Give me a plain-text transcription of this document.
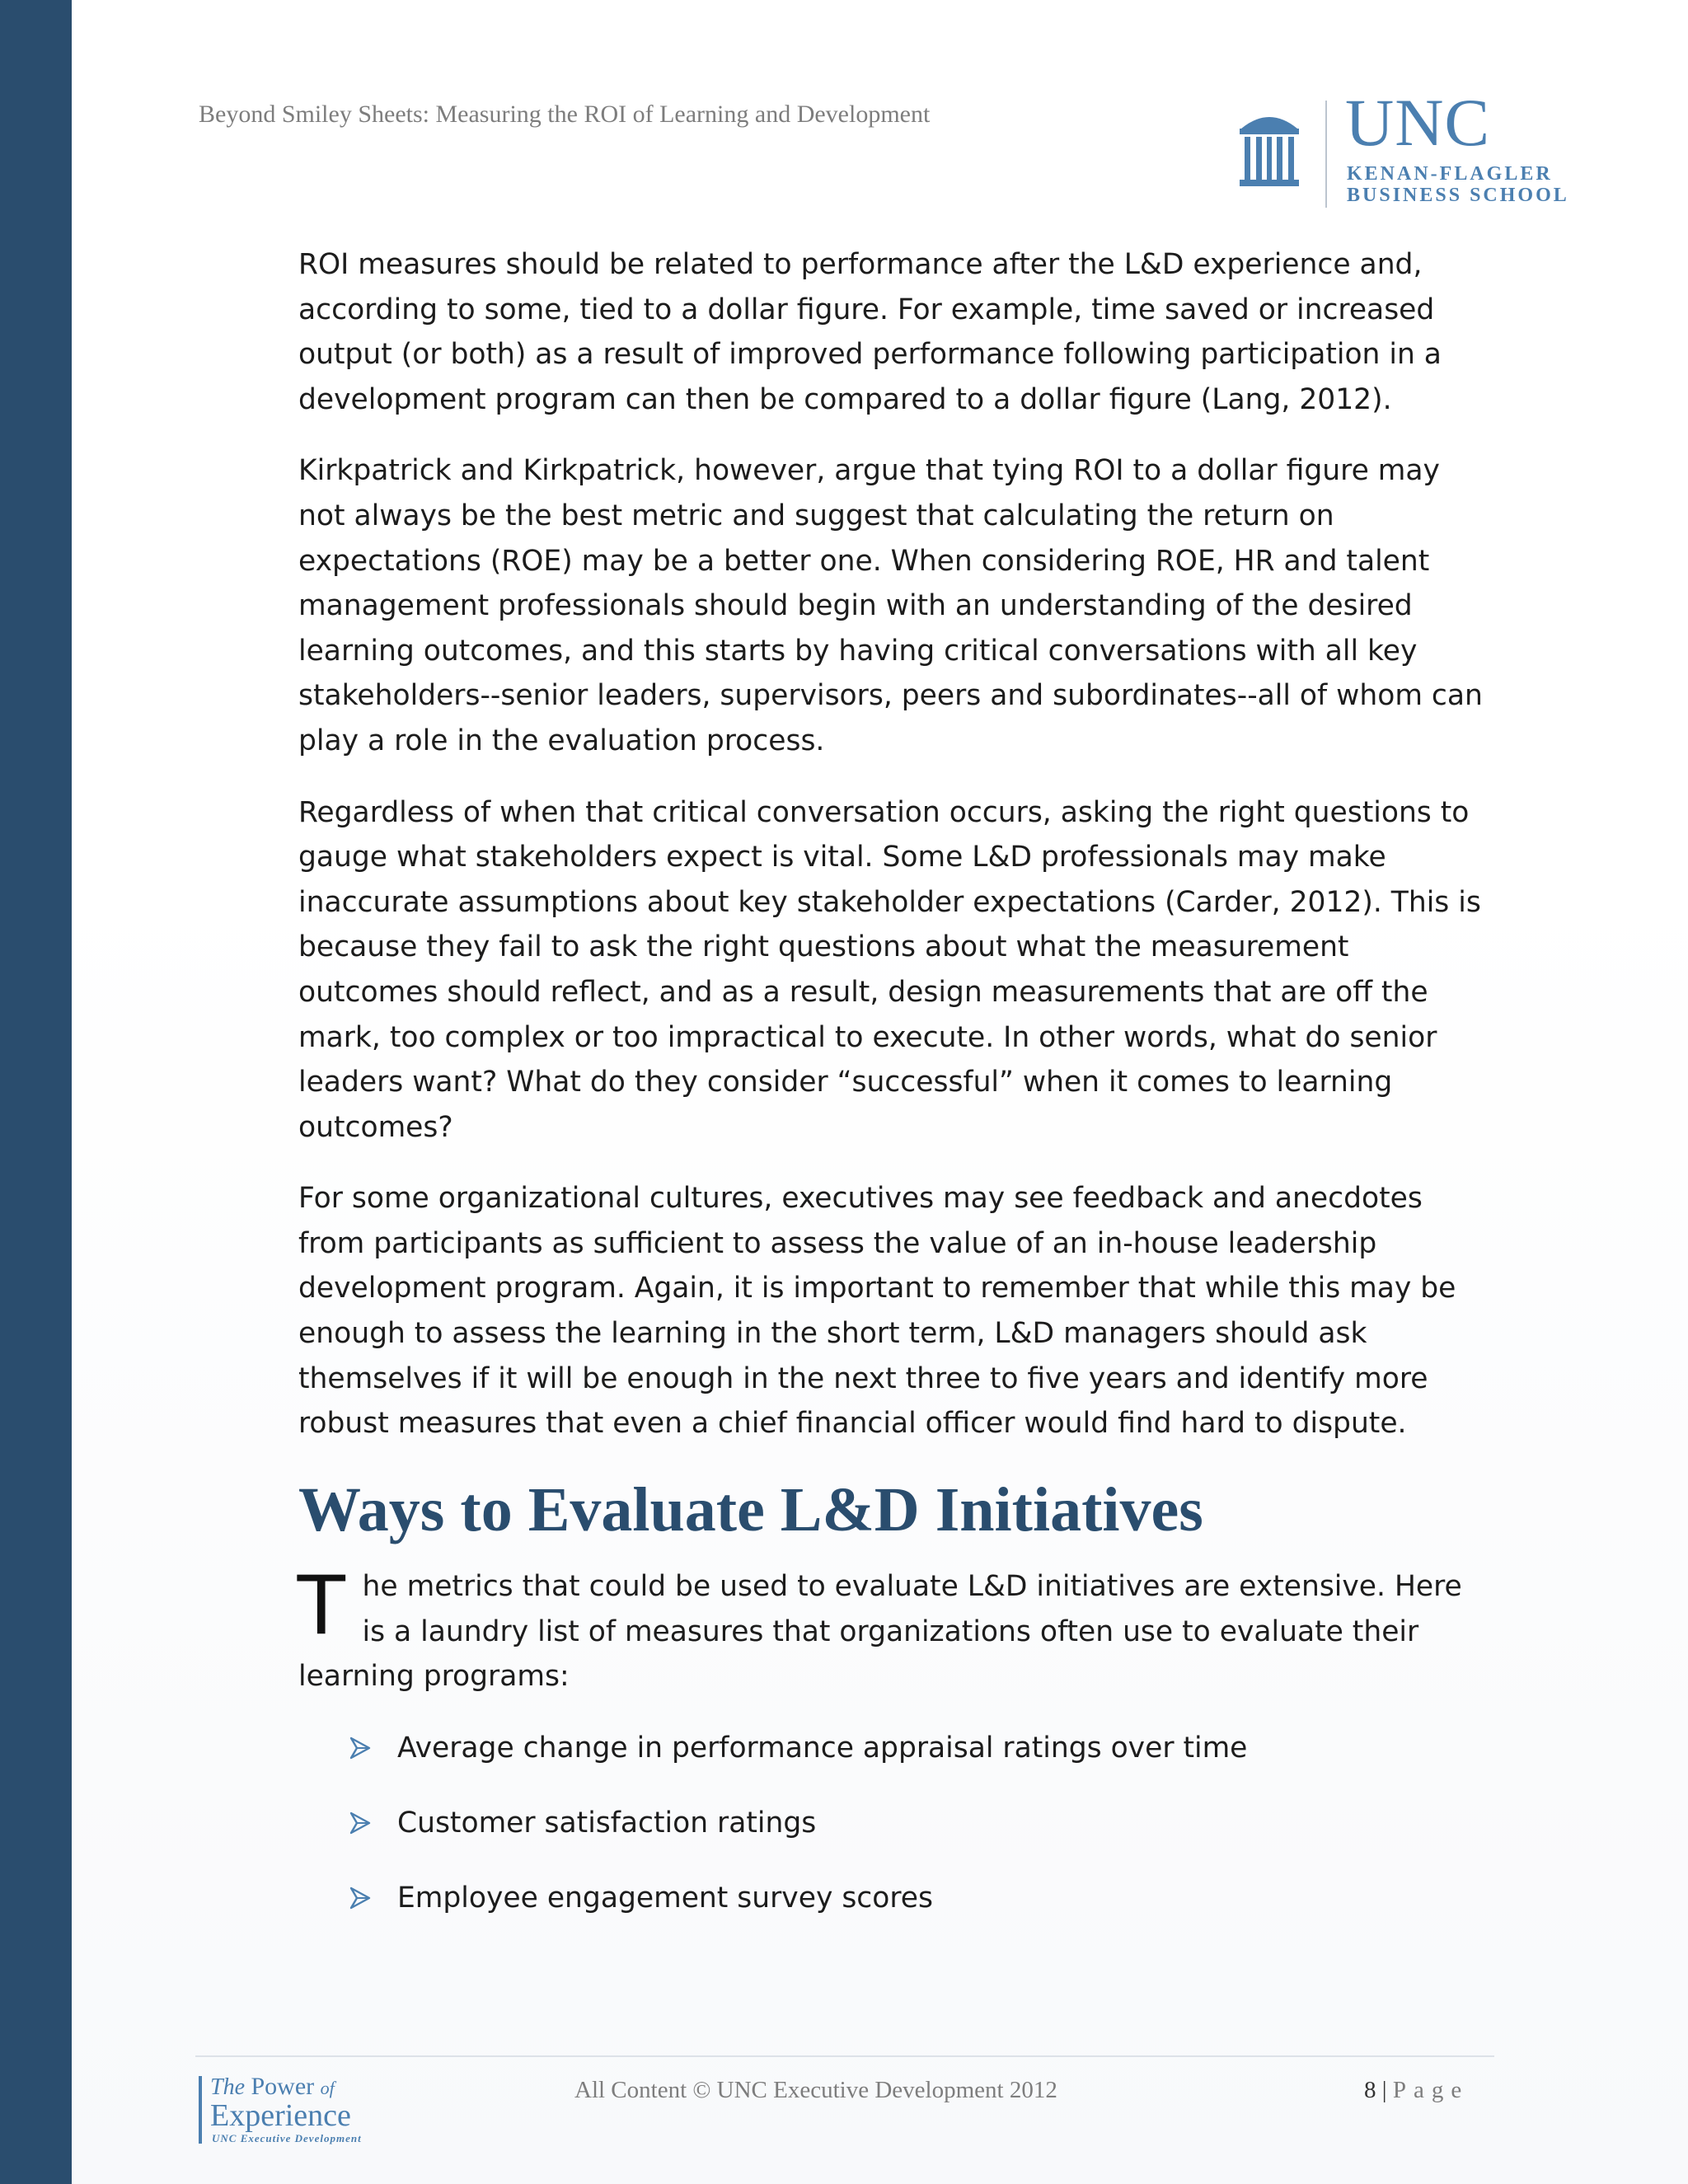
Beyond Smiley Sheets: Measuring the ROI of Learning and Development	UNC
KENAN-FLAGLER
BUSINESS SCHOOL

ROI measures should be related to performance after the L&D experience and, according to some, tied to a dollar figure. For example, time saved or increased output (or both) as a result of improved performance following participation in a development program can then be compared to a dollar figure (Lang, 2012).

Kirkpatrick and Kirkpatrick, however, argue that tying ROI to a dollar figure may not always be the best metric and suggest that calculating the return on expectations (ROE) may be a better one. When considering ROE, HR and talent management professionals should begin with an understanding of the desired learning outcomes, and this starts by having critical conversations with all key stakeholders--senior leaders, supervisors, peers and subordinates--all of whom can play a role in the evaluation process.

Regardless of when that critical conversation occurs, asking the right questions to gauge what stakeholders expect is vital. Some L&D professionals may make inaccurate assumptions about key stakeholder expectations (Carder, 2012). This is because they fail to ask the right questions about what the measurement outcomes should reflect, and as a result, design measurements that are off the mark, too complex or too impractical to execute. In other words, what do senior leaders want? What do they consider “successful” when it comes to learning outcomes?

For some organizational cultures, executives may see feedback and anecdotes from participants as sufficient to assess the value of an in-house leadership development program. Again, it is important to remember that while this may be enough to assess the learning in the short term, L&D managers should ask themselves if it will be enough in the next three to five years and identify more robust measures that even a chief financial officer would find hard to dispute.

Ways to Evaluate L&D Initiatives

T he metrics that could be used to evaluate L&D initiatives are extensive. Here is a laundry list of measures that organizations often use to evaluate their learning programs:

Average change in performance appraisal ratings over time
Customer satisfaction ratings
Employee engagement survey scores
The Power of
Experience
UNC Executive Development
All Content © UNC Executive Development 2012	8 | Page
